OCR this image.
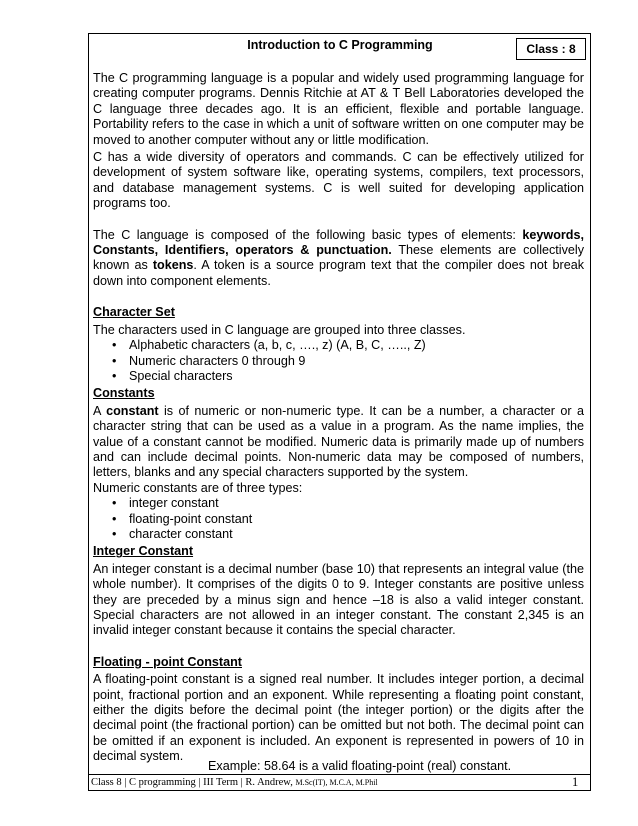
Introduction to C Programming	Class : 8

The C programming language is a popular and widely used programming language for creating computer programs. Dennis Ritchie at AT & T Bell Laboratories developed the C language three decades ago. It is an efficient, flexible and portable language. Portability refers to the case in which a unit of software written on one computer may be moved to another computer without any or little modification.

C has a wide diversity of operators and commands. C can be effectively utilized for development of system software like, operating systems, compilers, text processors, and database management systems. C is well suited for developing application programs too.

The C language is composed of the following basic types of elements: keywords, Constants, Identifiers, operators & punctuation. These elements are collectively known as tokens. A token is a source program text that the compiler does not break down into component elements.

Character Set

The characters used in C language are grouped into three classes.

• Alphabetic characters (a, b, c, …., z) (A, B, C, ….., Z)
• Numeric characters 0 through 9
• Special characters

Constants

A constant is of numeric or non-numeric type. It can be a number, a character or a character string that can be used as a value in a program. As the name implies, the value of a constant cannot be modified. Numeric data is primarily made up of numbers and can include decimal points. Non-numeric data may be composed of numbers, letters, blanks and any special characters supported by the system.

Numeric constants are of three types:

• integer constant
• floating-point constant
• character constant

Integer Constant

An integer constant is a decimal number (base 10) that represents an integral value (the whole number). It comprises of the digits 0 to 9. Integer constants are positive unless they are preceded by a minus sign and hence –18 is also a valid integer constant. Special characters are not allowed in an integer constant. The constant 2,345 is an invalid integer constant because it contains the special character.

Floating - point Constant

A floating-point constant is a signed real number. It includes integer portion, a decimal point, fractional portion and an exponent. While representing a floating point constant, either the digits before the decimal point (the integer portion) or the digits after the decimal point (the fractional portion) can be omitted but not both. The decimal point can be omitted if an exponent is included. An exponent is represented in powers of 10 in decimal system.

Example: 58.64 is a valid floating-point (real) constant.
Class 8 | C programming | III Term | R. Andrew, M.Sc(IT), M.C.A, M.Phil	1
